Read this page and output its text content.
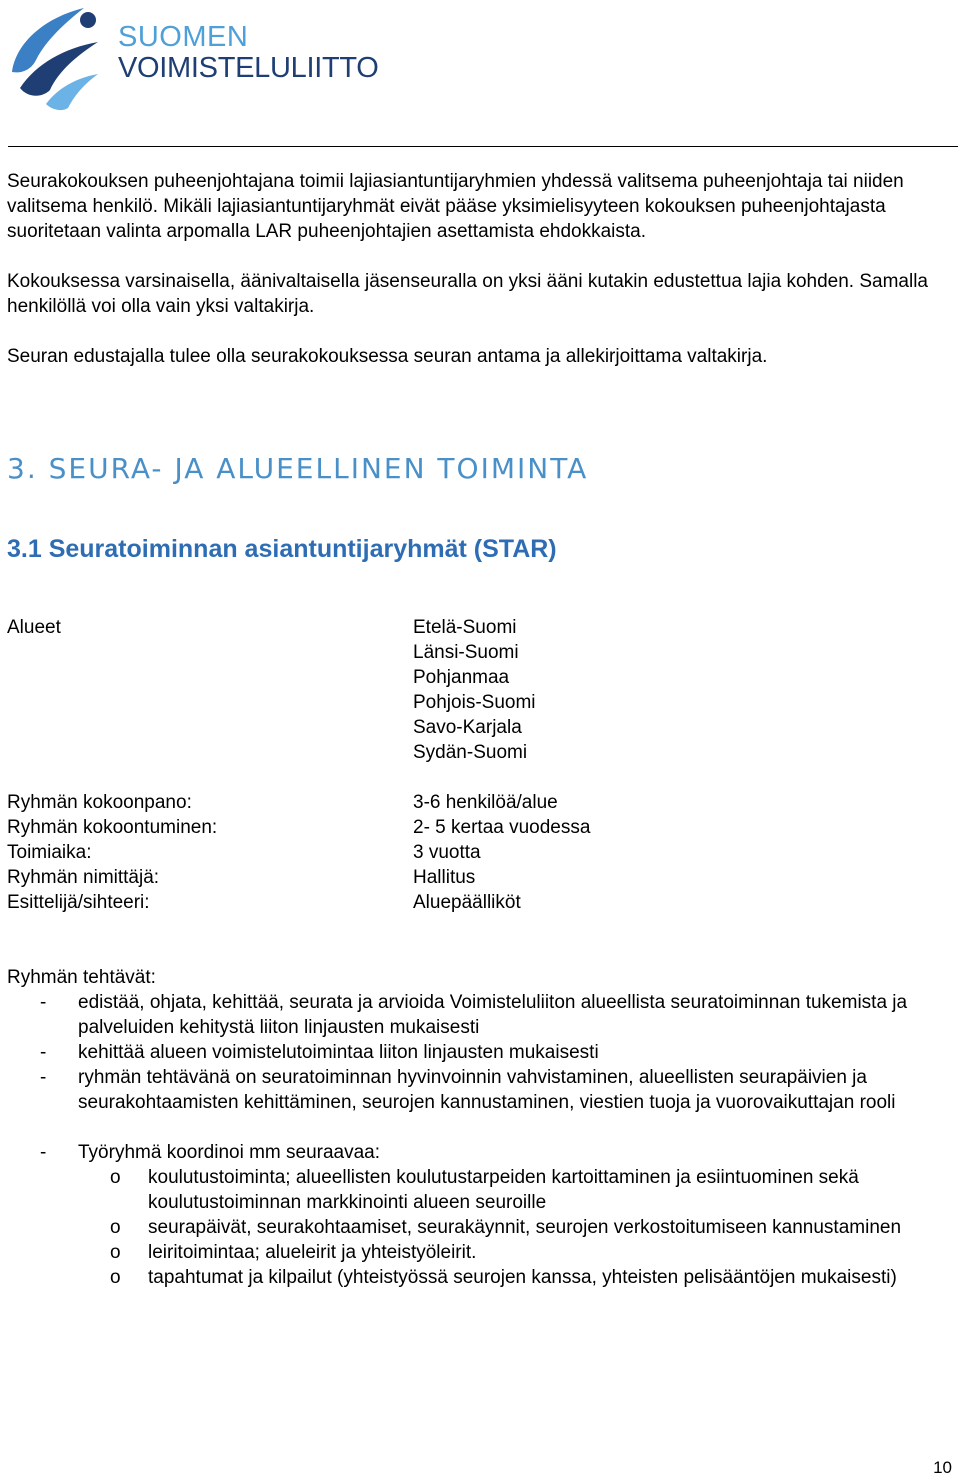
SUOMEN
VOIMISTELULIITTO

Seurakokouksen puheenjohtajana toimii lajiasiantuntijaryhmien yhdessä valitsema puheenjohtaja tai niiden valitsema henkilö. Mikäli lajiasiantuntijaryhmät eivät pääse yksimielisyyteen kokouksen puheenjohtajasta suoritetaan valinta arpomalla LAR puheenjohtajien asettamista ehdokkaista.

Kokouksessa varsinaisella, äänivaltaisella jäsenseuralla on yksi ääni kutakin edustettua lajia kohden. Samalla henkilöllä voi olla vain yksi valtakirja.

Seuran edustajalla tulee olla seurakokouksessa seuran antama ja allekirjoittama valtakirja.

3. SEURA- JA ALUEELLINEN TOIMINTA
3.1 Seuratoiminnan asiantuntijaryhmät (STAR)
Alueet	Etelä-Suomi
Länsi-Suomi
Pohjanmaa
Pohjois-Suomi
Savo-Karjala
Sydän-Suomi
Ryhmän kokoonpano:
Ryhmän kokoontuminen:
Toimiaika:
Ryhmän nimittäjä:
Esittelijä/sihteeri:
3-6 henkilöä/alue
2- 5 kertaa vuodessa
3 vuotta
Hallitus
Aluepäälliköt
Ryhmän tehtävät:
- edistää, ohjata, kehittää, seurata ja arvioida Voimisteluliiton alueellista seuratoiminnan tukemista ja palveluiden kehitystä liiton linjausten mukaisesti
- kehittää alueen voimistelutoimintaa liiton linjausten mukaisesti
- ryhmän tehtävänä on seuratoiminnan hyvinvoinnin vahvistaminen, alueellisten seurapäivien ja seurakohtaamisten kehittäminen, seurojen kannustaminen, viestien tuoja ja vuorovaikuttajan rooli
- Työryhmä koordinoi mm seuraavaa:
o koulutustoiminta; alueellisten koulutustarpeiden kartoittaminen ja esiintuominen sekä koulutustoiminnan markkinointi alueen seuroille
o seurapäivät, seurakohtaamiset, seurakäynnit, seurojen verkostoitumiseen kannustaminen
o leiritoimintaa; alueleirit ja yhteistyöleirit.
o tapahtumat ja kilpailut (yhteistyössä seurojen kanssa, yhteisten pelisääntöjen mukaisesti)
10
